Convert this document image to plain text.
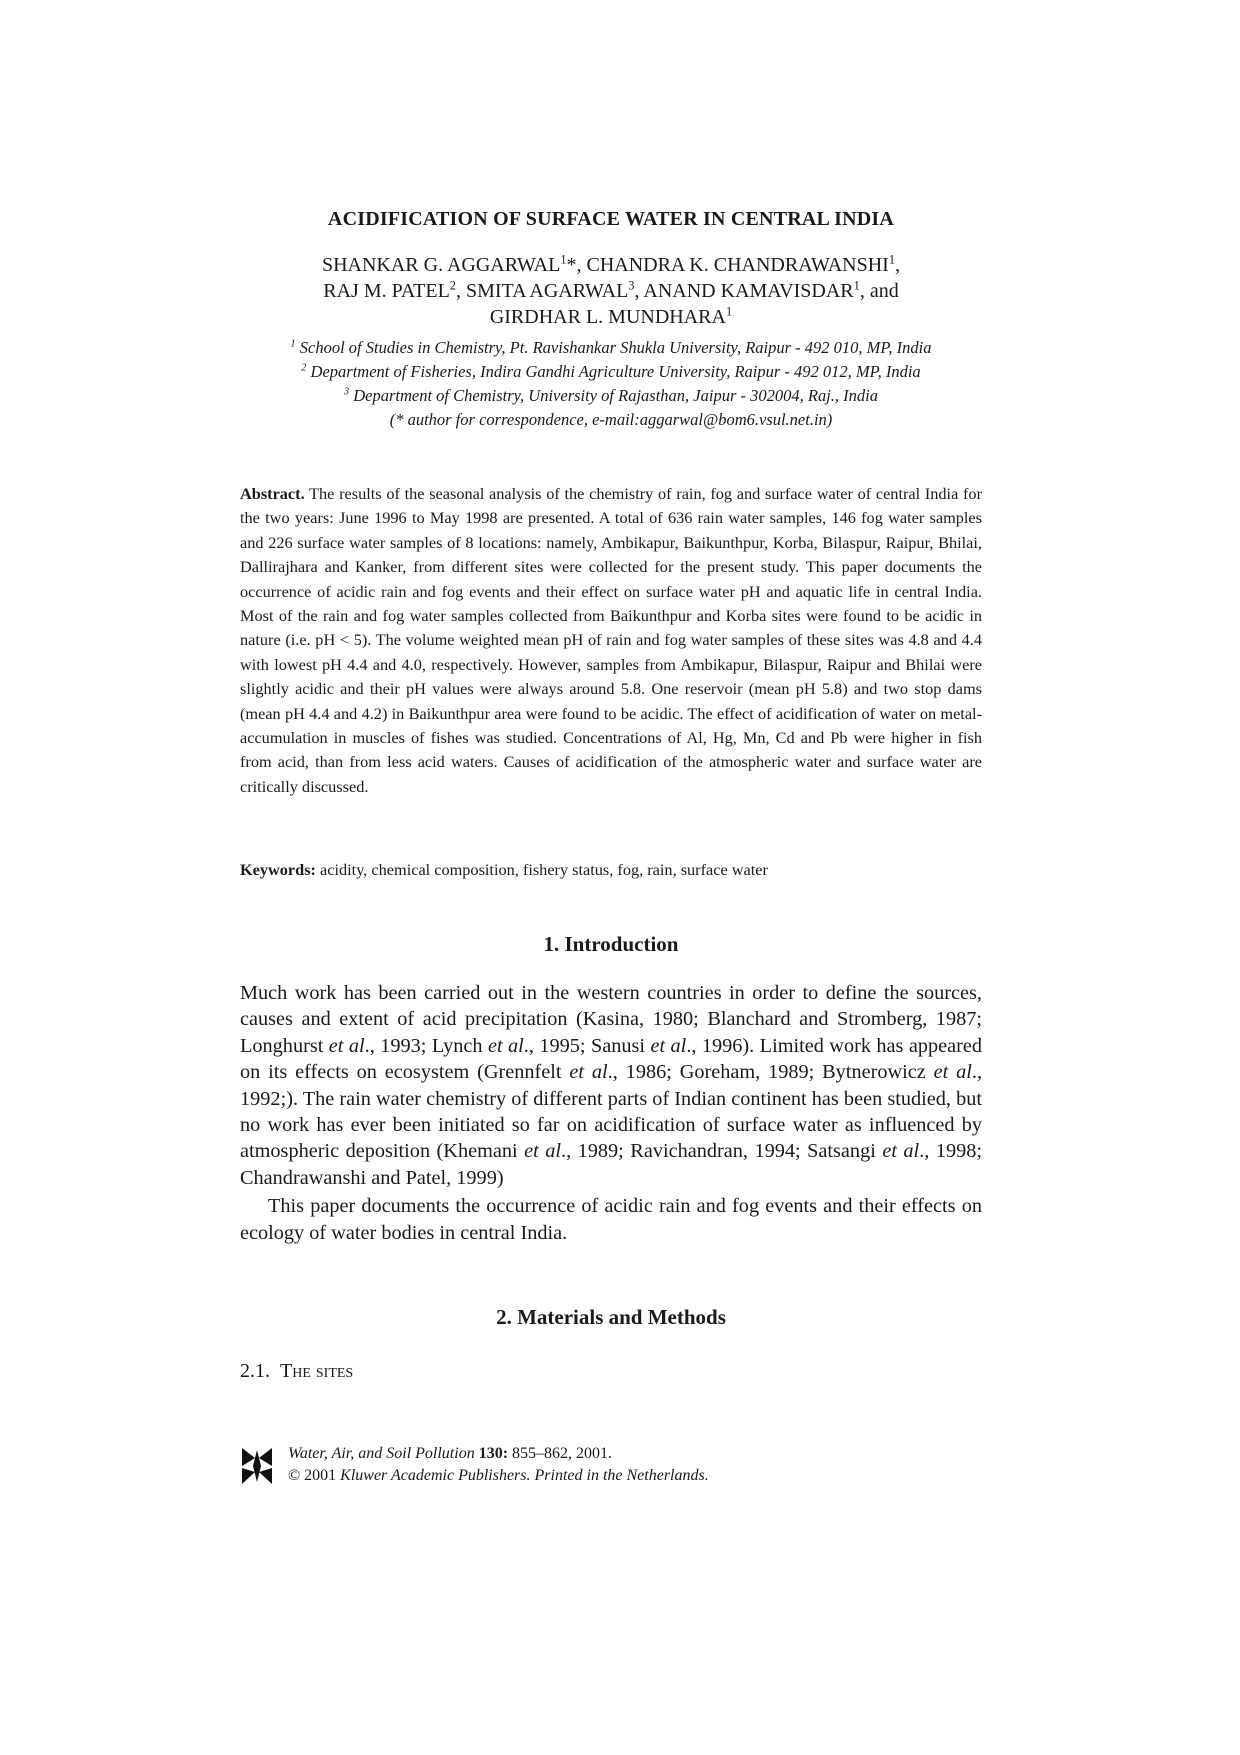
ACIDIFICATION OF SURFACE WATER IN CENTRAL INDIA
SHANKAR G. AGGARWAL$^1$*, CHANDRA K. CHANDRAWANSHI$^1$,
RAJ M. PATEL$^2$, SMITA AGARWAL$^3$, ANAND KAMAVISDAR$^1$, and
GIRDHAR L. MUNDHARA$^1$
$^1$ School of Studies in Chemistry, Pt. Ravishankar Shukla University, Raipur - 492 010, MP, India
$^2$ Department of Fisheries, Indira Gandhi Agriculture University, Raipur - 492 012, MP, India
$^3$ Department of Chemistry, University of Rajasthan, Jaipur - 302004, Raj., India
(* author for correspondence, e-mail:aggarwal@bom6.vsul.net.in)
Abstract. The results of the seasonal analysis of the chemistry of rain, fog and surface water of central India for the two years: June 1996 to May 1998 are presented. A total of 636 rain water samples, 146 fog water samples and 226 surface water samples of 8 locations: namely, Ambikapur, Baikunthpur, Korba, Bilaspur, Raipur, Bhilai, Dallirajhara and Kanker, from different sites were collected for the present study. This paper documents the occurrence of acidic rain and fog events and their effect on surface water pH and aquatic life in central India. Most of the rain and fog water samples collected from Baikunthpur and Korba sites were found to be acidic in nature (i.e. pH < 5). The volume weighted mean pH of rain and fog water samples of these sites was 4.8 and 4.4 with lowest pH 4.4 and 4.0, respectively. However, samples from Ambikapur, Bilaspur, Raipur and Bhilai were slightly acidic and their pH values were always around 5.8. One reservoir (mean pH 5.8) and two stop dams (mean pH 4.4 and 4.2) in Baikunthpur area were found to be acidic. The effect of acidification of water on metal-accumulation in muscles of fishes was studied. Concentrations of Al, Hg, Mn, Cd and Pb were higher in fish from acid, than from less acid waters. Causes of acidification of the atmospheric water and surface water are critically discussed.
Keywords: acidity, chemical composition, fishery status, fog, rain, surface water
1. Introduction

Much work has been carried out in the western countries in order to define the sources, causes and extent of acid precipitation (Kasina, 1980; Blanchard and Stromberg, 1987; Longhurst et al., 1993; Lynch et al., 1995; Sanusi et al., 1996). Limited work has appeared on its effects on ecosystem (Grennfelt et al., 1986; Goreham, 1989; Bytnerowicz et al., 1992;). The rain water chemistry of different parts of Indian continent has been studied, but no work has ever been initiated so far on acidification of surface water as influenced by atmospheric deposition (Khemani et al., 1989; Ravichandran, 1994; Satsangi et al., 1998; Chandrawanshi and Patel, 1999)

This paper documents the occurrence of acidic rain and fog events and their effects on ecology of water bodies in central India.

2. Materials and Methods
2.1. The sites
Water, Air, and Soil Pollution 130: 855–862, 2001.
© 2001 Kluwer Academic Publishers. Printed in the Netherlands.
